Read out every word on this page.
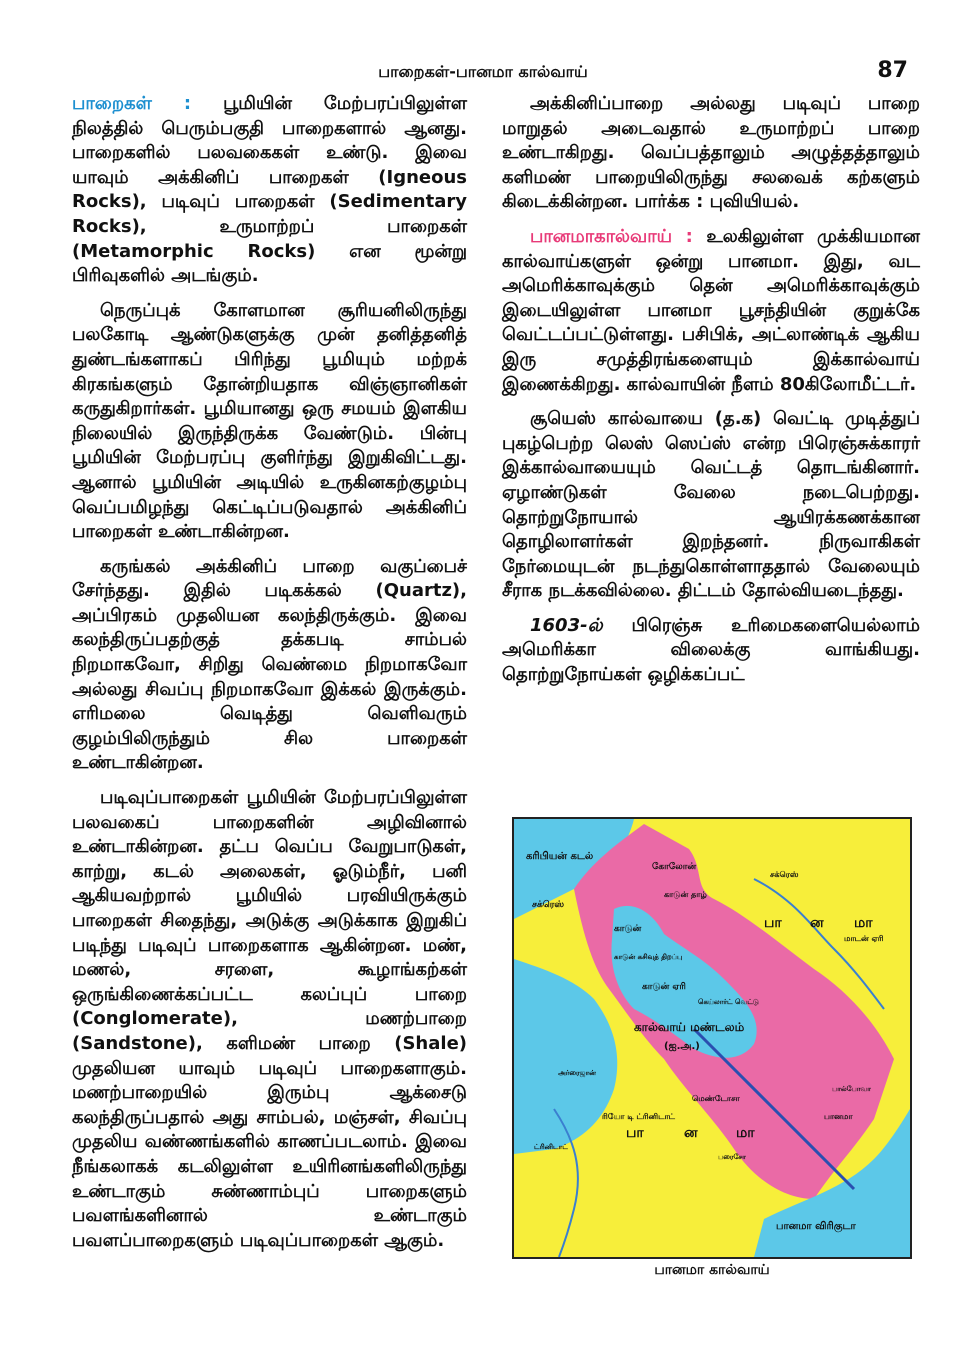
பாறைகள்-பானமா கால்வாய்	87

பாறைகள் : பூமியின் மேற்பரப்பிலுள்ள நிலத்தில் பெரும்பகுதி பாறைகளால் ஆனது. பாறைகளில் பலவகைகள் உண்டு. இவை யாவும் அக்கினிப் பாறைகள் (Igneous Rocks), படிவுப் பாறைகள் (Sedimentary Rocks), உருமாற்றப் பாறைகள் (Metamorphic Rocks) என மூன்று பிரிவுகளில் அடங்கும்.

நெருப்புக் கோளமான சூரியனிலிருந்து பலகோடி ஆண்டுகளுக்கு முன் தனித்தனித் துண்டங்களாகப் பிரிந்து பூமியும் மற்றக் கிரகங்களும் தோன்றியதாக விஞ்ஞானிகள் கருதுகிறார்கள். பூமியானது ஒரு சமயம் இளகிய நிலையில் இருந்திருக்க வேண்டும். பின்பு பூமியின் மேற்பரப்பு குளிர்ந்து இறுகிவிட்டது. ஆனால் பூமியின் அடியில் உருகினகற்குழம்பு வெப்பமிழந்து கெட்டிப்படுவதால் அக்கினிப் பாறைகள் உண்டாகின்றன.

கருங்கல் அக்கினிப் பாறை வகுப்பைச் சேர்ந்தது. இதில் படிகக்கல் (Quartz), அப்பிரகம் முதலியன கலந்திருக்கும். இவை கலந்திருப்பதற்குத் தக்கபடி சாம்பல் நிறமாகவோ, சிறிது வெண்மை நிறமாகவோ அல்லது சிவப்பு நிறமாகவோ இக்கல் இருக்கும். எரிமலை வெடித்து வெளிவரும் குழம்பிலிருந்தும் சில பாறைகள் உண்டாகின்றன.

படிவுப்பாறைகள் பூமியின் மேற்பரப்பிலுள்ள பலவகைப் பாறைகளின் அழிவினால் உண்டாகின்றன. தட்ப வெப்ப வேறுபாடுகள், காற்று, கடல் அலைகள், ஓடும்நீர், பனி ஆகியவற்றால் பூமியில் பரவியிருக்கும் பாறைகள் சிதைந்து, அடுக்கு அடுக்காக இறுகிப் படிந்து படிவுப் பாறைகளாக ஆகின்றன. மண், மணல், சரளை, கூழாங்கற்கள் ஒருங்கிணைக்கப்பட்ட கலப்புப் பாறை (Conglomerate), மணற்பாறை (Sandstone), களிமண் பாறை (Shale) முதலியன யாவும் படிவுப் பாறைகளாகும். மணற்பாறையில் இரும்பு ஆக்சைடு கலந்திருப்பதால் அது சாம்பல், மஞ்சள், சிவப்பு முதலிய வண்ணங்களில் காணப்படலாம். இவை நீங்கலாகக் கடலிலுள்ள உயிரினங்களிலிருந்து உண்டாகும் சுண்ணாம்புப் பாறைகளும் பவளங்களினால் உண்டாகும் பவளப்பாறைகளும் படிவுப்பாறைகள் ஆகும்.

அக்கினிப்பாறை அல்லது படிவுப் பாறை மாறுதல் அடைவதால் உருமாற்றப் பாறை உண்டாகிறது. வெப்பத்தாலும் அழுத்தத்தாலும் களிமண் பாறையிலிருந்து சலவைக் கற்களும் கிடைக்கின்றன. பார்க்க : புவியியல்.

பானமாகால்வாய் : உலகிலுள்ள முக்கியமான கால்வாய்களுள் ஒன்று பானமா. இது, வட அமெரிக்காவுக்கும் தென் அமெரிக்காவுக்கும் இடையிலுள்ள பானமா பூசந்தியின் குறுக்கே வெட்டப்பட்டுள்ளது. பசிபிக், அட்லாண்டிக் ஆகிய இரு சமுத்திரங்களையும் இக்கால்வாய் இணைக்கிறது. கால்வாயின் நீளம் 80கிலோமீட்டர்.

சூயெஸ் கால்வாயை (த.க) வெட்டி முடித்துப் புகழ்பெற்ற லெஸ் ஸெப்ஸ் என்ற பிரெஞ்சுக்காரர் இக்கால்வாயையும் வெட்டத் தொடங்கினார். ஏழாண்டுகள் வேலை நடைபெற்றது. தொற்றுநோயால் ஆயிரக்கணக்கான தொழிலாளர்கள் இறந்தனர். நிருவாகிகள் நேர்மையுடன் நடந்துகொள்ளாததால் வேலையும் சீராக நடக்கவில்லை. திட்டம் தோல்வியடைந்தது.

1603-ல் பிரெஞ்சு உரிமைகளையெல்லாம் அமெரிக்கா விலைக்கு வாங்கியது. தொற்றுநோய்கள் ஒழிக்கப்பட்

கரிபியன் கடல்
சக்ரெஸ்
கோலோன்
காடுன் தாழ்
காடுன்
காடுன் கசிவுத் திறப்பு
காடுன் ஏரி
சக்ரெஸ்
மாடன் ஏரி
கெய்லார்ட் வெட்டு
கால்வாய் மண்டலம்
(ஐ.அ.)
பா ன மா
பா	ன	மா
மெண்டோசா
ரியோ டி ட்ரினிடாட்	பானமா
பால்போவா
பானமா விரிகுடா
அர்ரைஜான்
ட்ரினிடாட்
பரைசோ
பானமா கால்வாய்
